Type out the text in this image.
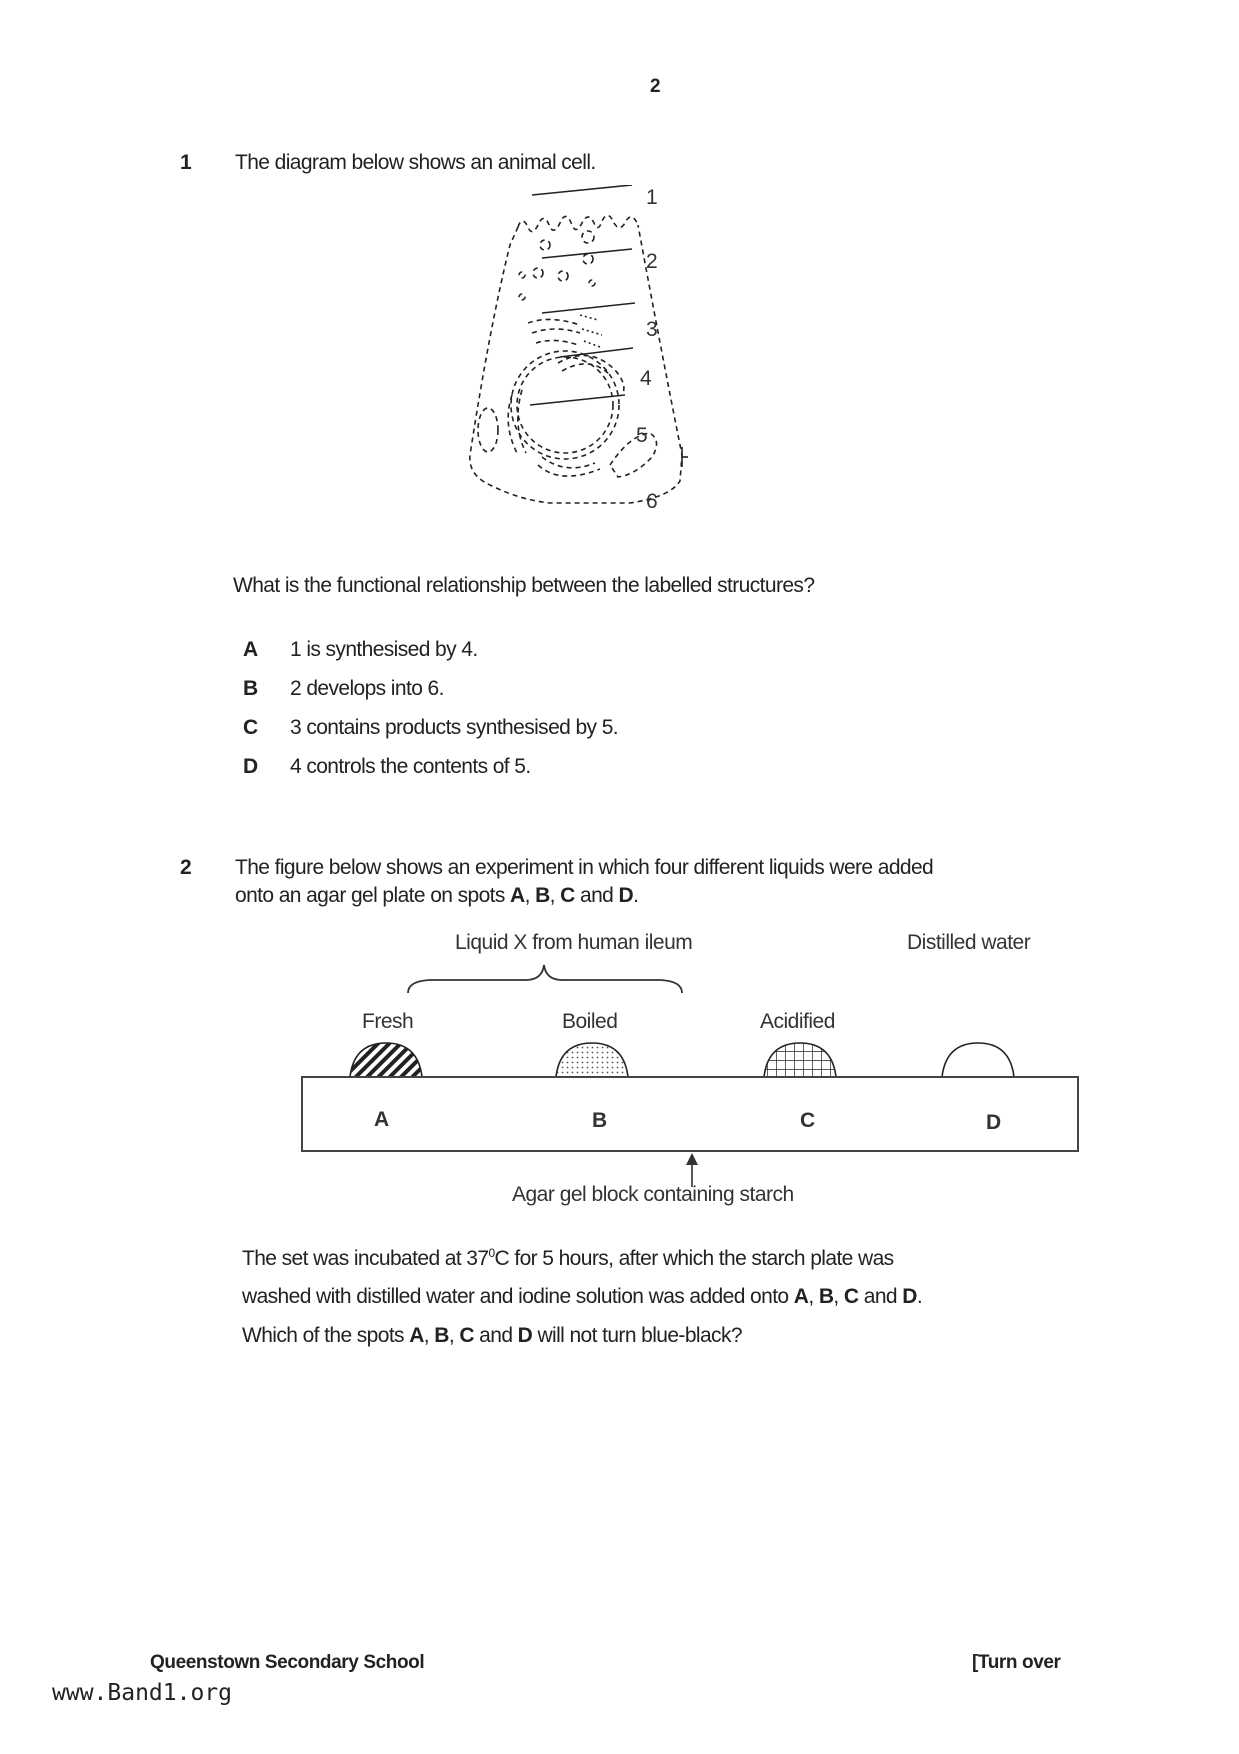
2
1 The diagram below shows an animal cell.
1
2
3
4
5
6
What is the functional relationship between the labelled structures?
A 1 is synthesised by 4.
B 2 develops into 6.
C 3 contains products synthesised by 5.
D 4 controls the contents of 5.
2 The figure below shows an experiment in which four different liquids were added
onto an agar gel plate on spots A, B, C and D.
Liquid X from human ileum	Distilled water
Fresh	Boiled	Acidified
A	B	C	D
Agar gel block containing starch
The set was incubated at $37^0C$ for 5 hours, after which the starch plate was
washed with distilled water and iodine solution was added onto A, B, C and D.
Which of the spots A, B, C and D will not turn blue-black?
Queenstown Secondary School	[Turn over
www.Band1.org
